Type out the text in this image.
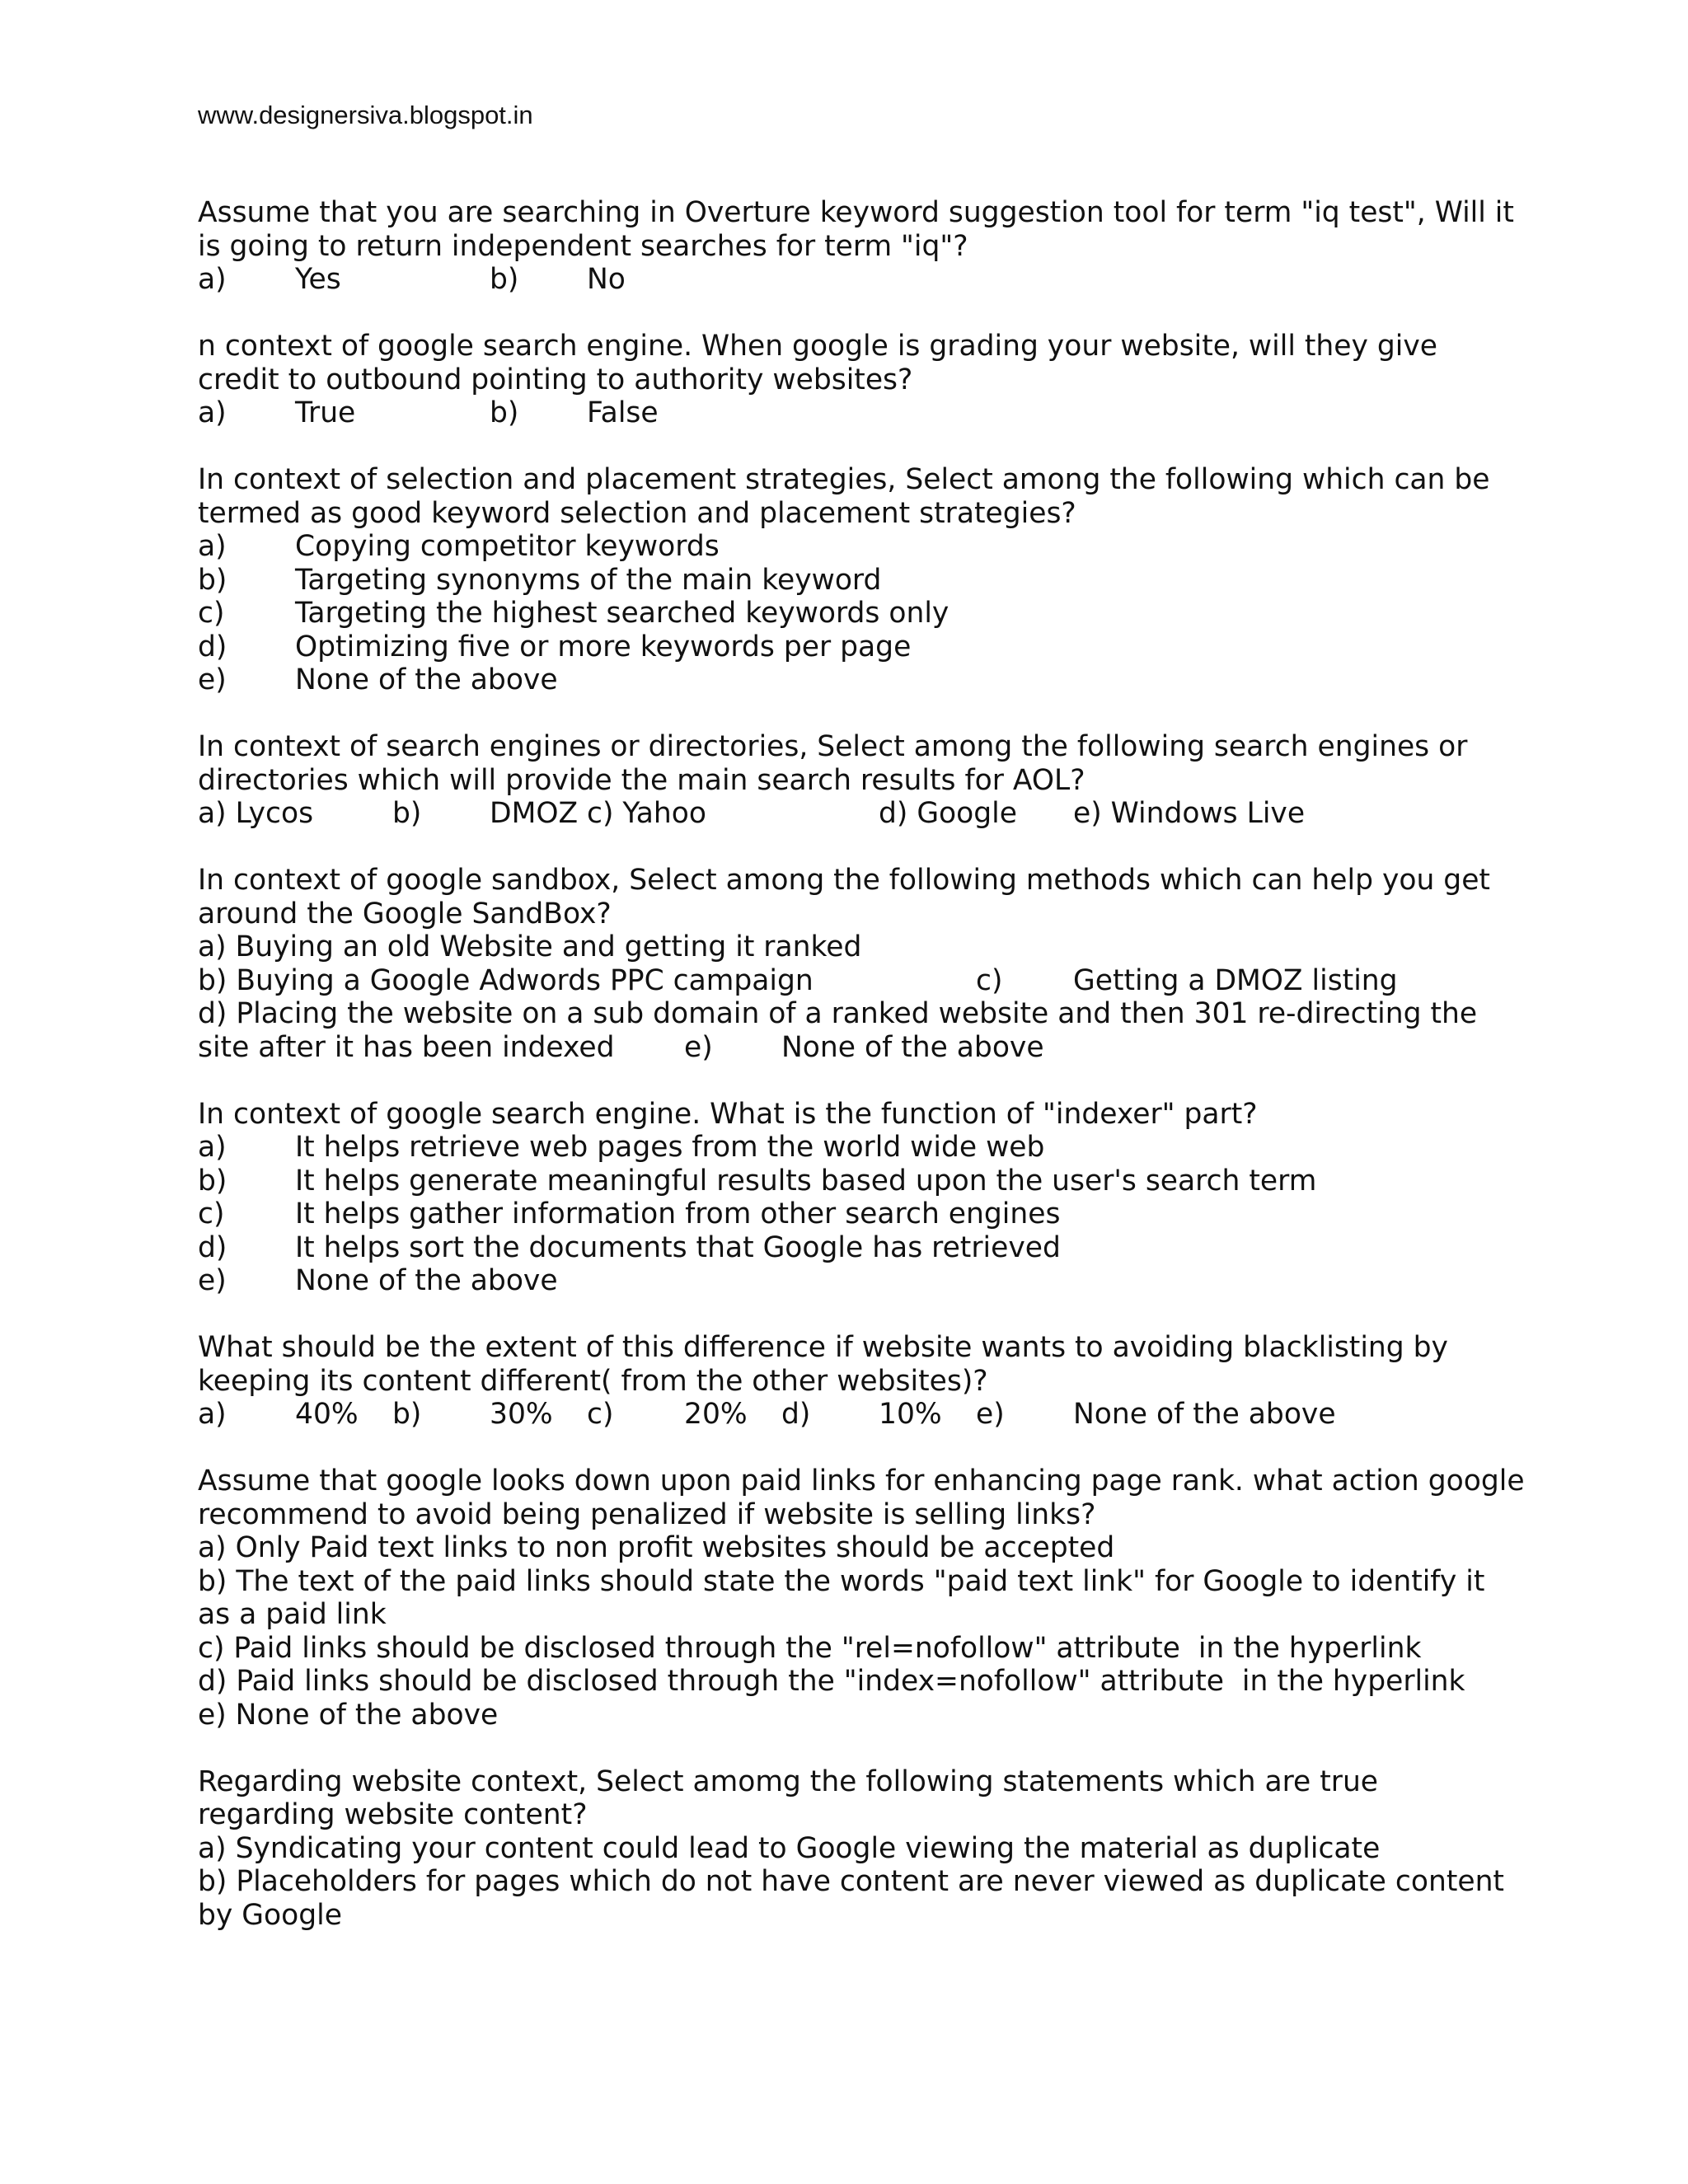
www.designersiva.blogspot.in
Assume that you are searching in Overture keyword suggestion tool for term "iq test", Will it
is going to return independent searches for term "iq"?

a)

Yes

	b)

No

n context of google search engine. When google is grading your website, will they give
credit to outbound pointing to authority websites?

a)

True

	b)

False

In context of selection and placement strategies, Select among the following which can be
termed as good keyword selection and placement strategies?

a)

Copying competitor keywords

b)

Targeting synonyms of the main keyword

c)

Targeting the highest searched keywords only

d)

Optimizing five or more keywords per page

e)

None of the above

In context of search engines or directories, Select among the following search engines or
directories which will provide the main search results for AOL?

a) Lycos

	b)

DMOZ

c) Yahoo

	d) Google

e) Windows Live

In context of google sandbox, Select among the following methods which can help you get
around the Google SandBox?
a) Buying an old Website and getting it ranked

b) Buying a Google Adwords PPC campaign

	c)

Getting a DMOZ listing

d) Placing the website on a sub domain of a ranked website and then 301 re-directing the

site after it has been indexed

e)

None of the above

In context of google search engine. What is the function of "indexer" part?

a)

It helps retrieve web pages from the world wide web

b)

It helps generate meaningful results based upon the user's search term

c)

It helps gather information from other search engines

d)

It helps sort the documents that Google has retrieved

e)

None of the above

What should be the extent of this difference if website wants to avoiding blacklisting by
keeping its content different( from the other websites)?

a)

40%

b)

30%

c)

20%

d)

10%

e)

None of the above

Assume that google looks down upon paid links for enhancing page rank. what action google
recommend to avoid being penalized if website is selling links?
a) Only Paid text links to non profit websites should be accepted
b) The text of the paid links should state the words "paid text link" for Google to identify it
as a paid link
c) Paid links should be disclosed through the "rel=nofollow" attribute  in the hyperlink
d) Paid links should be disclosed through the "index=nofollow" attribute  in the hyperlink
e) None of the above
Regarding website context, Select amomg the following statements which are true
regarding website content?
a) Syndicating your content could lead to Google viewing the material as duplicate
b) Placeholders for pages which do not have content are never viewed as duplicate content
by Google
